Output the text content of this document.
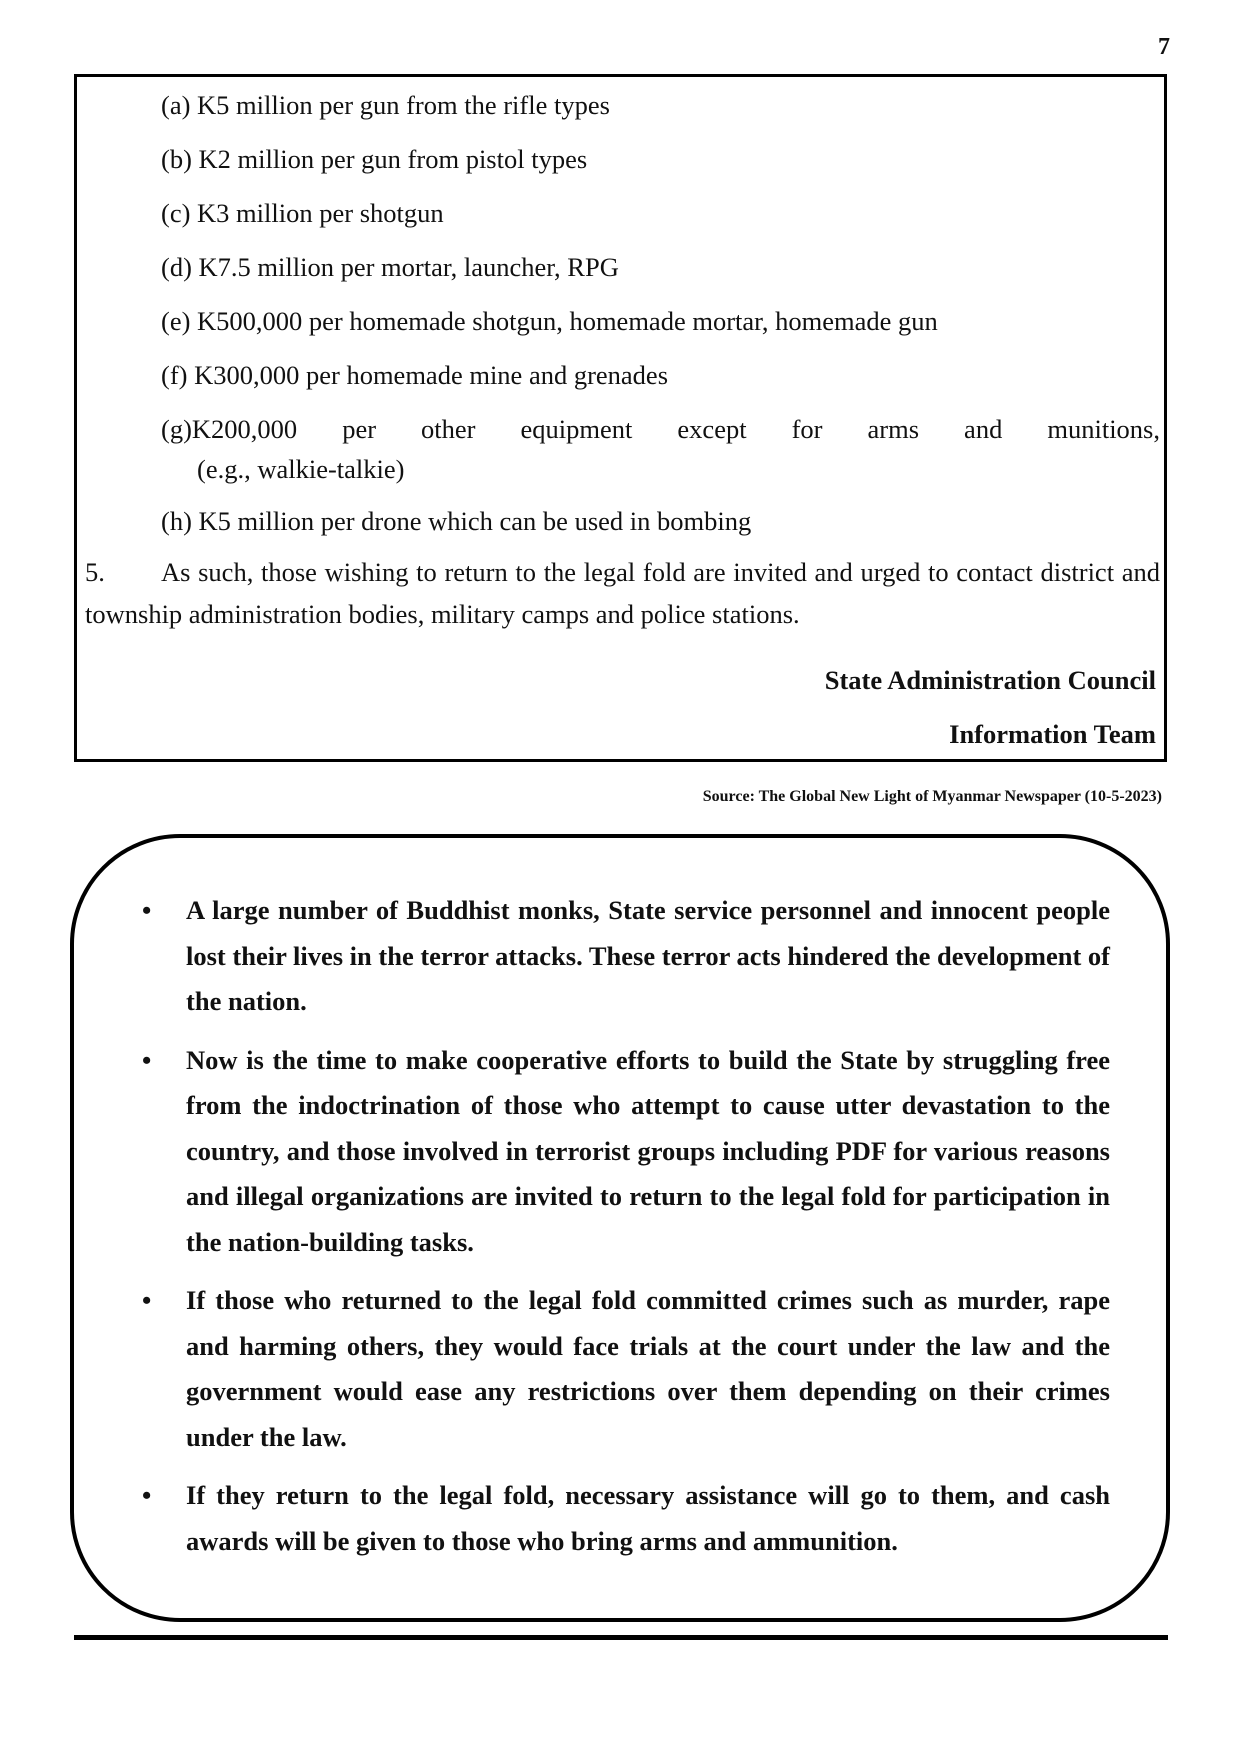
7
(a) K5 million per gun from the rifle types
(b) K2 million per gun from pistol types
(c) K3 million per shotgun
(d) K7.5 million per mortar, launcher, RPG
(e) K500,000 per homemade shotgun, homemade mortar, homemade gun
(f) K300,000 per homemade mine and grenades
(g)K200,000 per other equipment except for arms and munitions,
(e.g., walkie-talkie)
(h) K5 million per drone which can be used in bombing

5. As such, those wishing to return to the legal fold are invited and urged to contact district and township administration bodies, military camps and police stations.

State Administration Council
Information Team
Source: The Global New Light of Myanmar Newspaper (10-5-2023)
• A large number of Buddhist monks, State service personnel and innocent people lost their lives in the terror attacks. These terror acts hindered the development of the nation.
• Now is the time to make cooperative efforts to build the State by struggling free from the indoctrination of those who attempt to cause utter devastation to the country, and those involved in terrorist groups including PDF for various reasons and illegal organizations are invited to return to the legal fold for participation in the nation-building tasks.
• If those who returned to the legal fold committed crimes such as murder, rape and harming others, they would face trials at the court under the law and the government would ease any restrictions over them depending on their crimes under the law.
• If they return to the legal fold, necessary assistance will go to them, and cash awards will be given to those who bring arms and ammunition.
